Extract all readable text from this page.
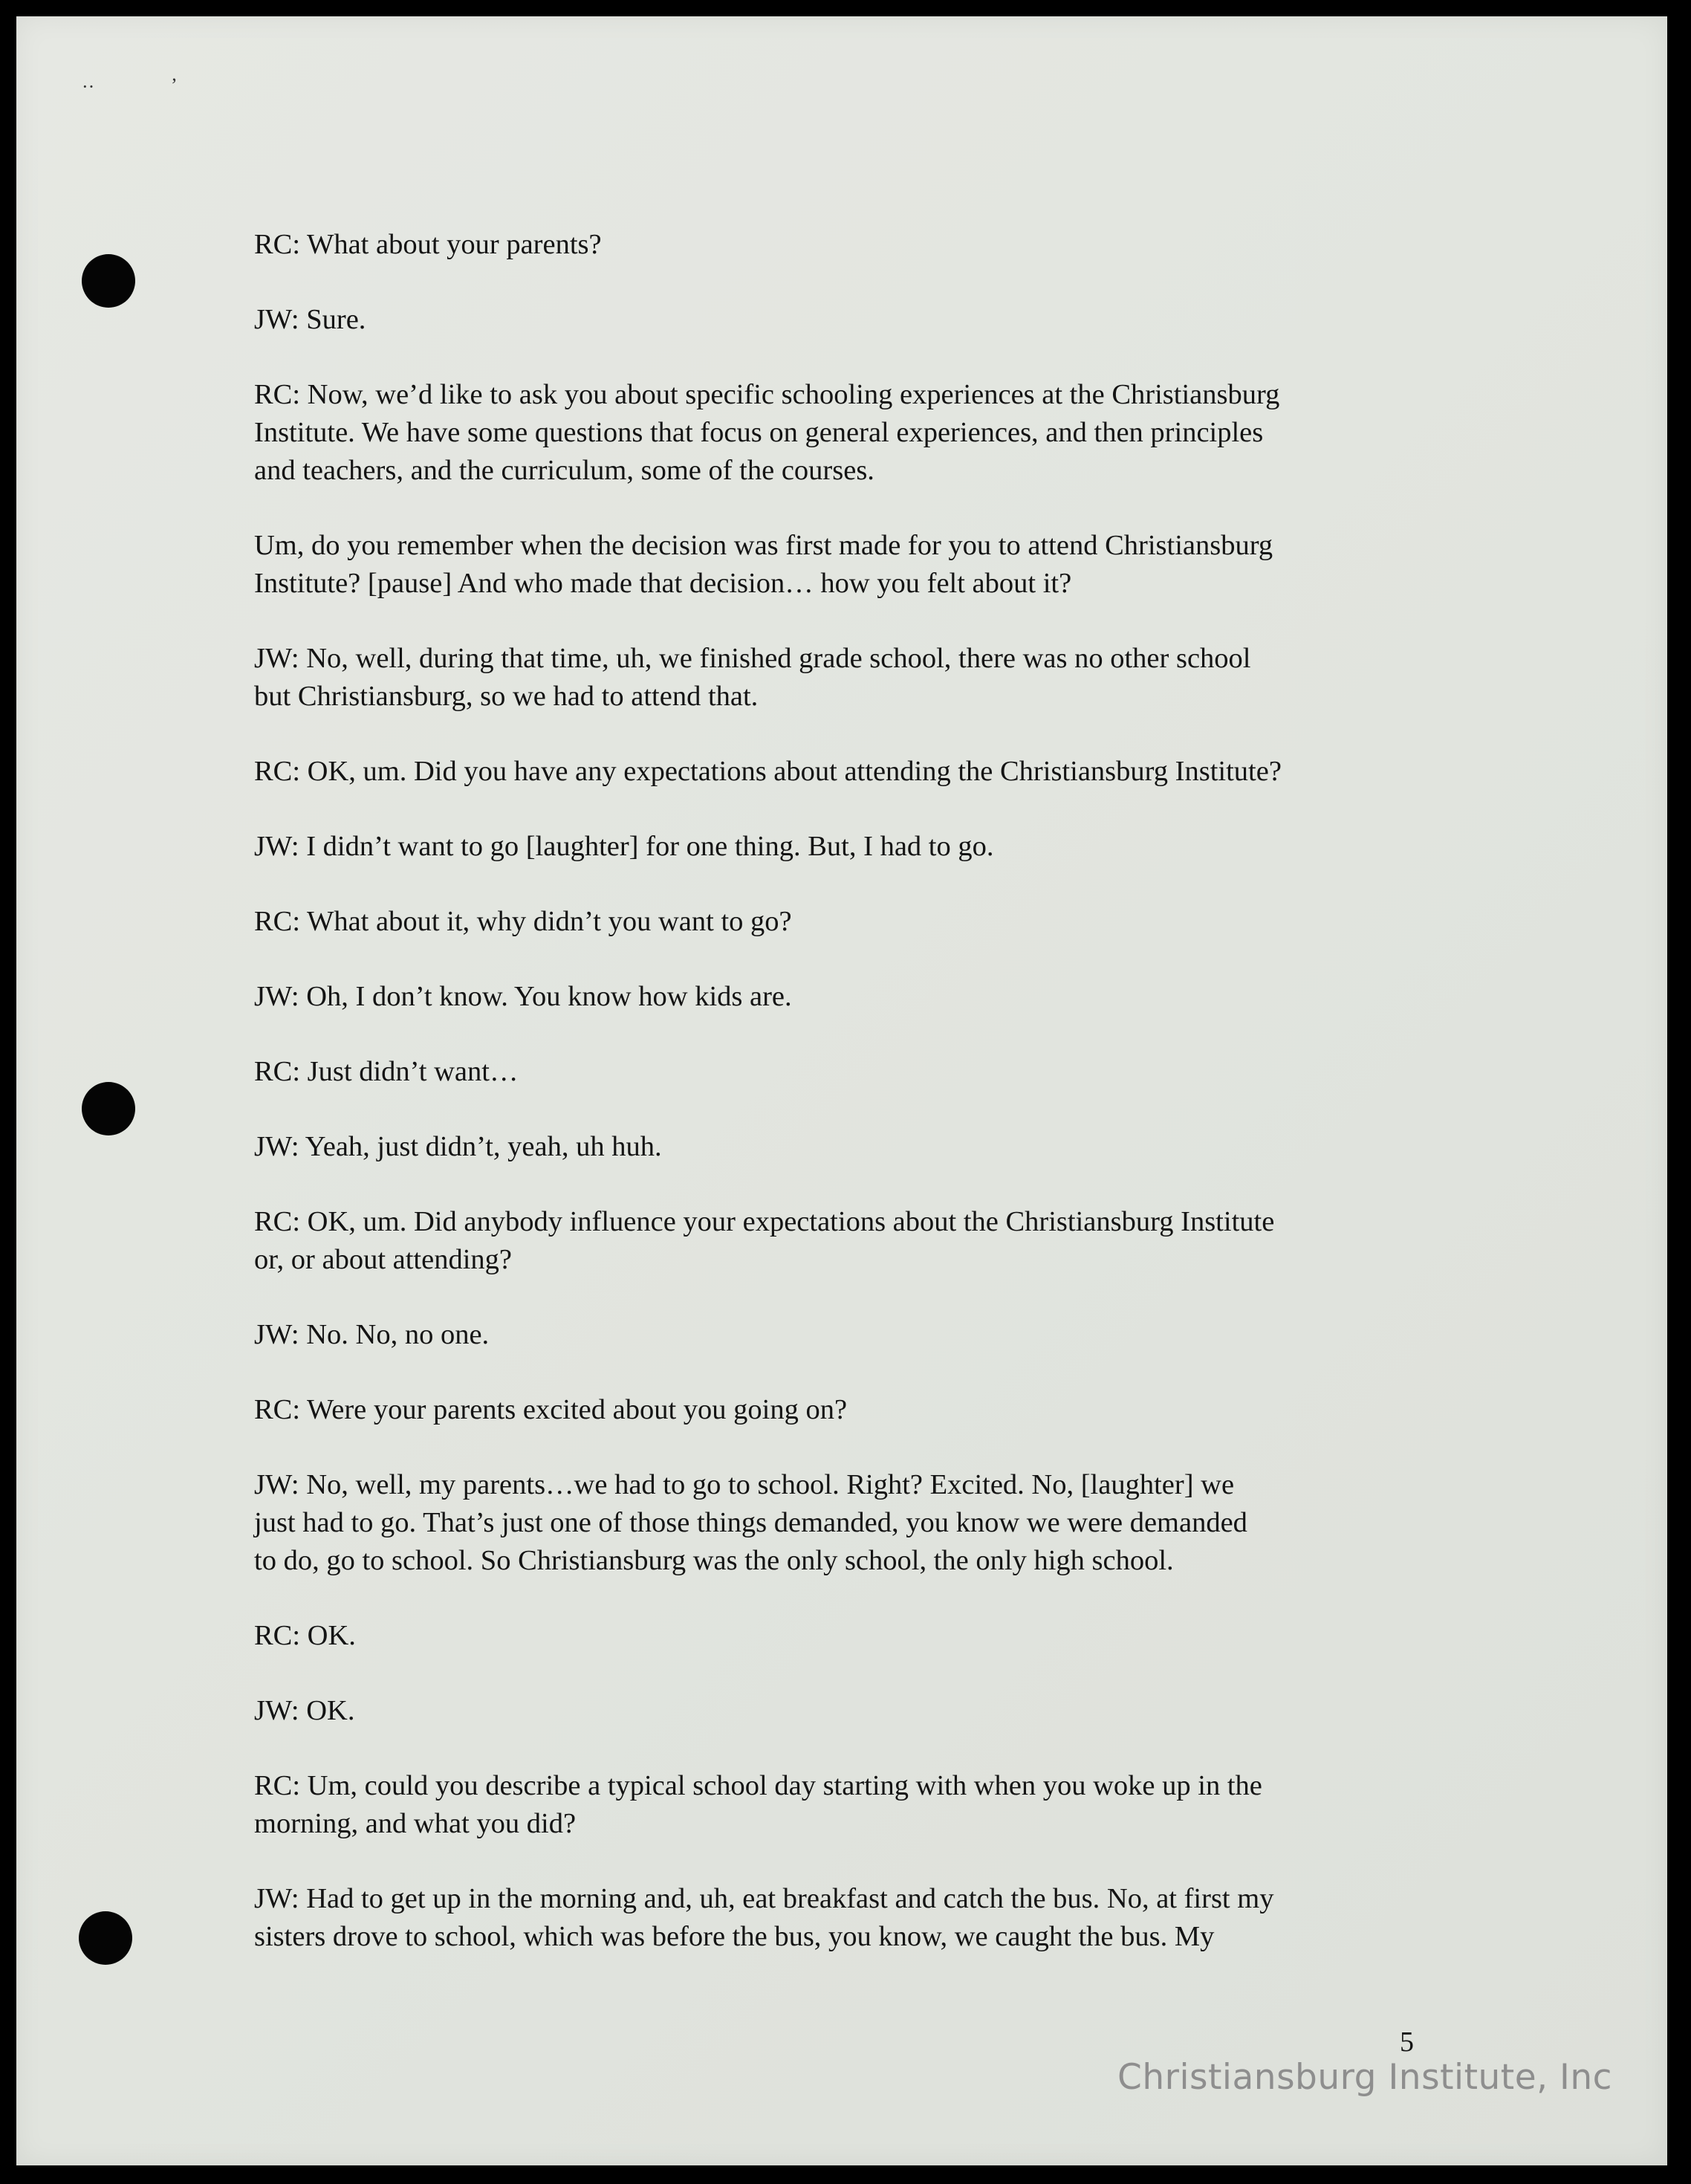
··	’
RC: What about your parents?
JW: Sure.
RC: Now, we’d like to ask you about specific schooling experiences at the Christiansburg
Institute. We have some questions that focus on general experiences, and then principles
and teachers, and the curriculum, some of the courses.
Um, do you remember when the decision was first made for you to attend Christiansburg
Institute? [pause] And who made that decision… how you felt about it?
JW: No, well, during that time, uh, we finished grade school, there was no other school
but Christiansburg, so we had to attend that.
RC: OK, um. Did you have any expectations about attending the Christiansburg Institute?
JW: I didn’t want to go [laughter] for one thing. But, I had to go.
RC: What about it, why didn’t you want to go?
JW: Oh, I don’t know. You know how kids are.
RC: Just didn’t want…
JW: Yeah, just didn’t, yeah, uh huh.
RC: OK, um. Did anybody influence your expectations about the Christiansburg Institute
or, or about attending?
JW: No. No, no one.
RC: Were your parents excited about you going on?
JW: No, well, my parents…we had to go to school. Right? Excited. No, [laughter] we
just had to go. That’s just one of those things demanded, you know we were demanded
to do, go to school. So Christiansburg was the only school, the only high school.
RC: OK.
JW: OK.
RC: Um, could you describe a typical school day starting with when you woke up in the
morning, and what you did?
JW: Had to get up in the morning and, uh, eat breakfast and catch the bus. No, at first my
sisters drove to school, which was before the bus, you know, we caught the bus. My
5
Christiansburg Institute, Inc
